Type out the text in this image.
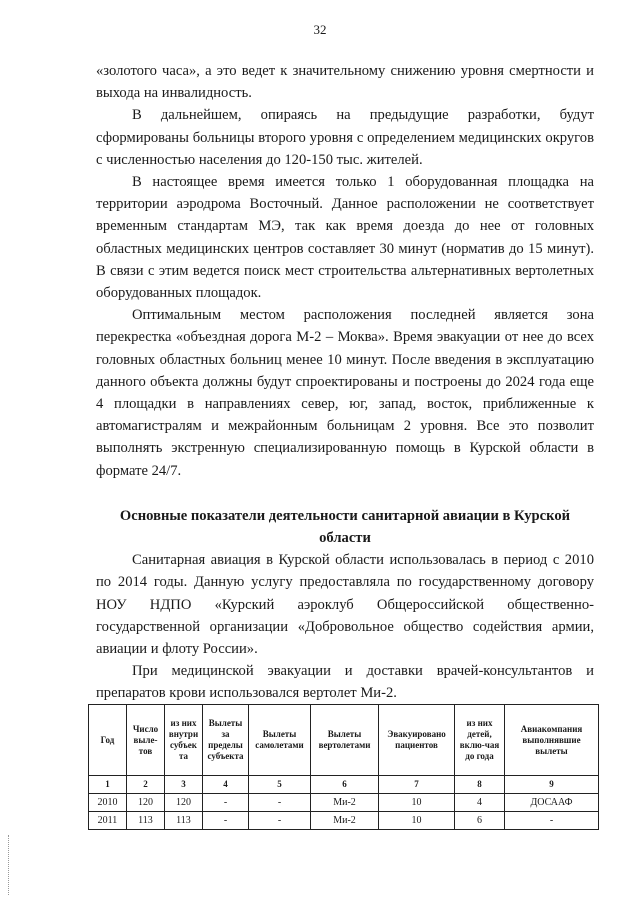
32

«золотого часа», а это ведет к значительному снижению уровня смертности и выхода на инвалидность.

В дальнейшем, опираясь на предыдущие разработки, будут сформированы больницы второго уровня с определением медицинских округов с численностью населения до 120-150 тыс. жителей.

В настоящее время имеется только 1 оборудованная площадка на территории аэродрома Восточный. Данное расположении не соответствует временным стандартам МЭ, так как время доезда до нее от головных областных медицинских центров составляет 30 минут (норматив до 15 минут). В связи с этим ведется поиск мест строительства альтернативных вертолетных оборудованных площадок.

Оптимальным местом расположения последней является зона перекрестка «объездная дорога М-2 – Моква». Время эвакуации от нее до всех головных областных больниц менее 10 минут. После введения в эксплуатацию данного объекта должны будут спроектированы и построены до 2024 года еще 4 площадки в направлениях север, юг, запад, восток, приближенные к автомагистралям и межрайонным больницам 2 уровня. Все это позволит выполнять экстренную специализированную помощь в Курской области в формате 24/7.

Основные показатели деятельности санитарной авиации в Курской области

Санитарная авиация в Курской области использовалась в период с 2010 по 2014 годы. Данную услугу предоставляла по государственному договору НОУ НДПО «Курский аэроклуб Общероссийской общественно-государственной организации «Добровольное общество содействия армии, авиации и флоту России».

При медицинской эвакуации и доставки врачей-консультантов и препаратов крови использовался вертолет Ми-2.

Год	Число выле-тов	из них внутри субъек та	Вылеты за пределы субъекта	Вылеты самолетами	Вылеты вертолетами	Эвакуировано пациентов	из них детей, вклю-чая до года	Авиакомпания выполнявшие вылеты
1	2	3	4	5	6	7	8	9
2010	120	120	-	-	Ми-2	10	4	ДОСААФ
2011	113	113	-	-	Ми-2	10	6	-
